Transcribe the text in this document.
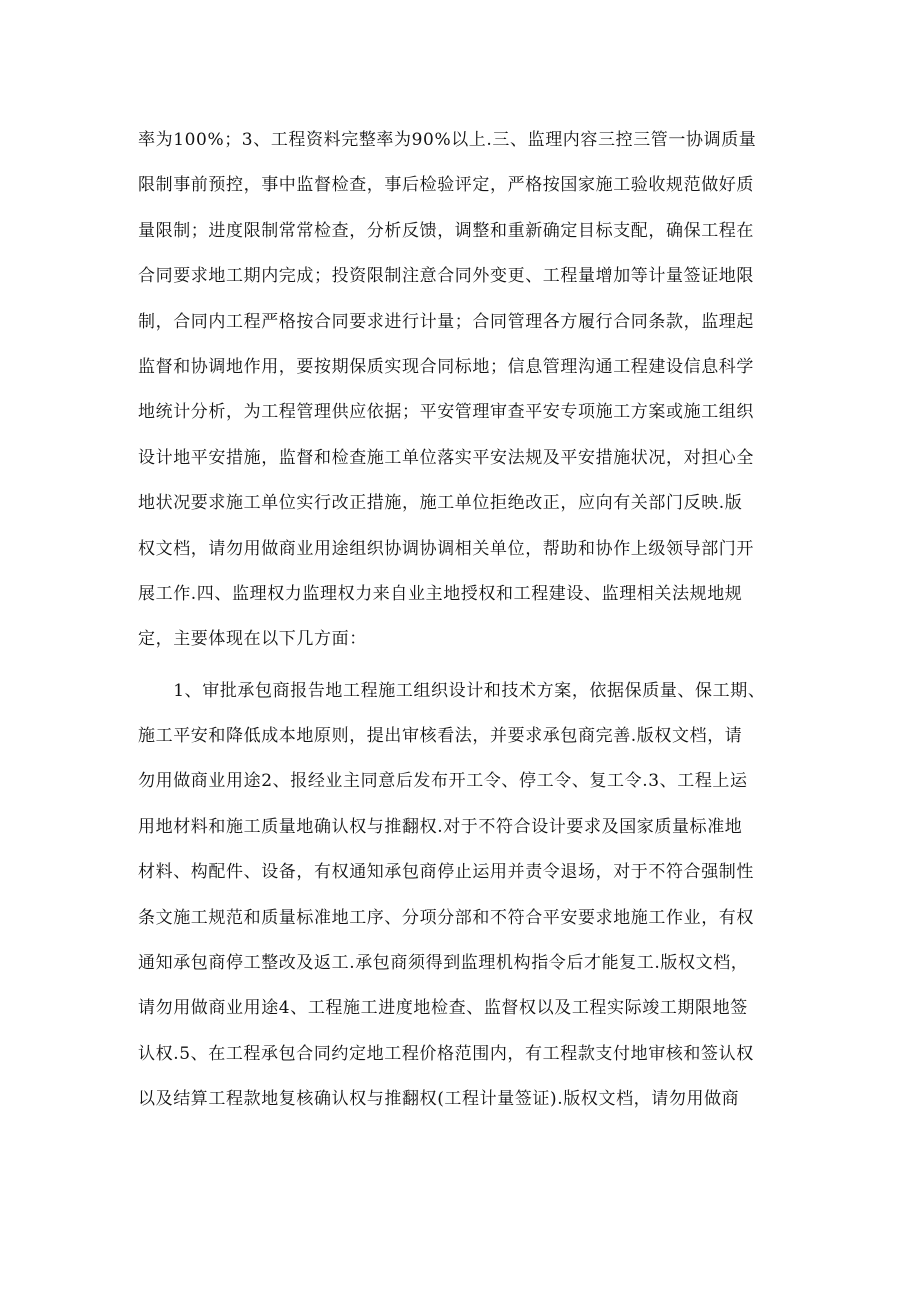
率为100%；3、工程资料完整率为90%以上.三、监理内容三控三管一协调质量
限制事前预控，事中监督检查，事后检验评定，严格按国家施工验收规范做好质
量限制；进度限制常常检查，分析反馈，调整和重新确定目标支配，确保工程在
合同要求地工期内完成；投资限制注意合同外变更、工程量增加等计量签证地限
制，合同内工程严格按合同要求进行计量；合同管理各方履行合同条款，监理起
监督和协调地作用，要按期保质实现合同标地；信息管理沟通工程建设信息科学
地统计分析，为工程管理供应依据；平安管理审查平安专项施工方案或施工组织
设计地平安措施，监督和检查施工单位落实平安法规及平安措施状况，对担心全
地状况要求施工单位实行改正措施，施工单位拒绝改正，应向有关部门反映.版
权文档，请勿用做商业用途组织协调协调相关单位，帮助和协作上级领导部门开
展工作.四、监理权力监理权力来自业主地授权和工程建设、监理相关法规地规
定，主要体现在以下几方面：
　　1、审批承包商报告地工程施工组织设计和技术方案，依据保质量、保工期、
施工平安和降低成本地原则，提出审核看法，并要求承包商完善.版权文档，请
勿用做商业用途2、报经业主同意后发布开工令、停工令、复工令.3、工程上运
用地材料和施工质量地确认权与推翻权.对于不符合设计要求及国家质量标准地
材料、构配件、设备，有权通知承包商停止运用并责令退场，对于不符合强制性
条文施工规范和质量标准地工序、分项分部和不符合平安要求地施工作业，有权
通知承包商停工整改及返工.承包商须得到监理机构指令后才能复工.版权文档，
请勿用做商业用途4、工程施工进度地检查、监督权以及工程实际竣工期限地签
认权.5、在工程承包合同约定地工程价格范围内，有工程款支付地审核和签认权
以及结算工程款地复核确认权与推翻权(工程计量签证).版权文档，请勿用做商
